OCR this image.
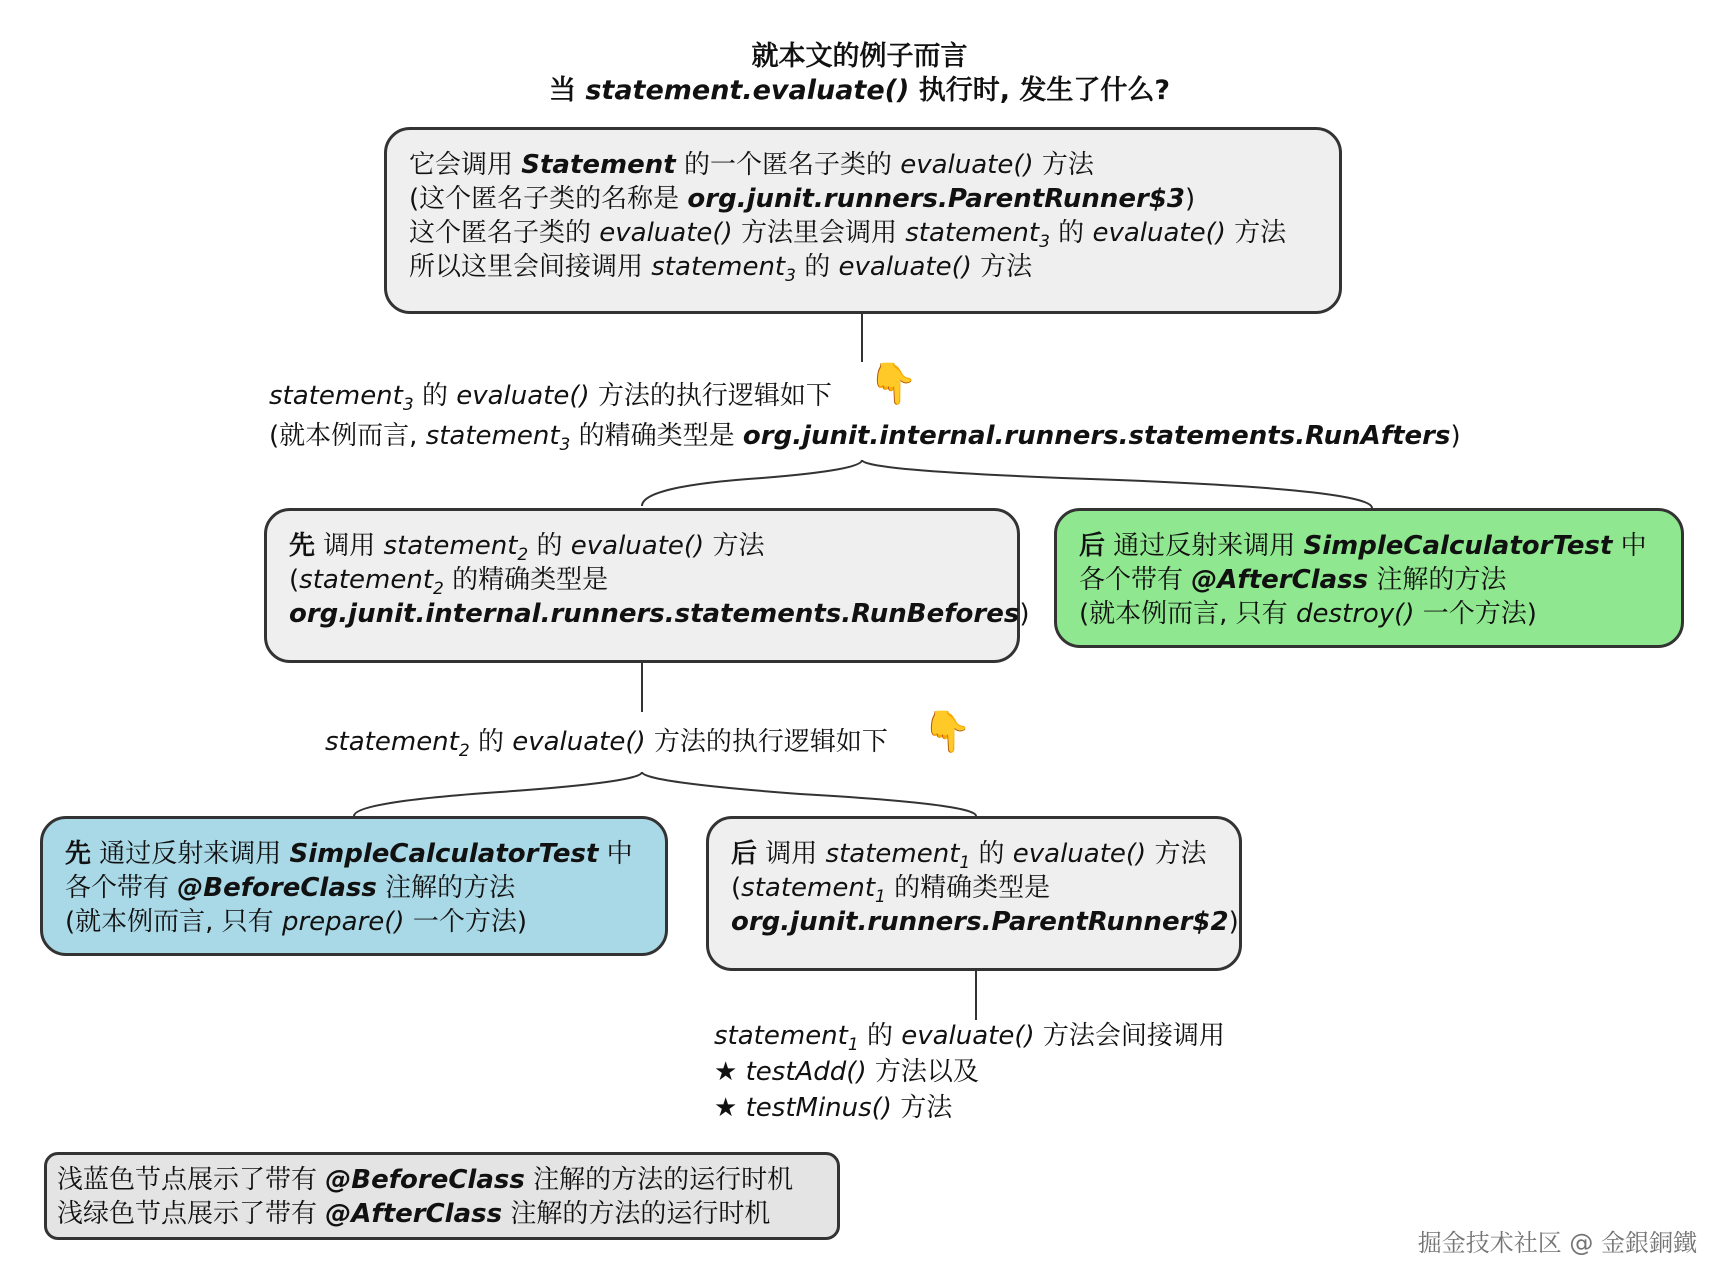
就本文的例子而言
当 statement.evaluate() 执行时, 发生了什么?
它会调用 Statement 的一个匿名子类的 evaluate() 方法
(这个匿名子类的名称是 org.junit.runners.ParentRunner$3)
这个匿名子类的 evaluate() 方法里会调用 statement$_3$ 的 evaluate() 方法
所以这里会间接调用 statement$_3$ 的 evaluate() 方法
statement$_3$ 的 evaluate() 方法的执行逻辑如下
(就本例而言, statement$_3$ 的精确类型是 org.junit.internal.runners.statements.RunAfters)
👇
先 调用 statement$_2$ 的 evaluate() 方法
(statement$_2$ 的精确类型是
org.junit.internal.runners.statements.RunBefores)
后 通过反射来调用 SimpleCalculatorTest 中
各个带有 @AfterClass 注解的方法
(就本例而言, 只有 destroy() 一个方法)
statement$_2$ 的 evaluate() 方法的执行逻辑如下 👇
先 通过反射来调用 SimpleCalculatorTest 中
各个带有 @BeforeClass 注解的方法
(就本例而言, 只有 prepare() 一个方法)
后 调用 statement$_1$ 的 evaluate() 方法
(statement$_1$ 的精确类型是
org.junit.runners.ParentRunner$2)
statement$_1$ 的 evaluate() 方法会间接调用
★ testAdd() 方法以及
★ testMinus() 方法
浅蓝色节点展示了带有 @BeforeClass 注解的方法的运行时机
浅绿色节点展示了带有 @AfterClass 注解的方法的运行时机
掘金技术社区 @ 金銀銅鐵
